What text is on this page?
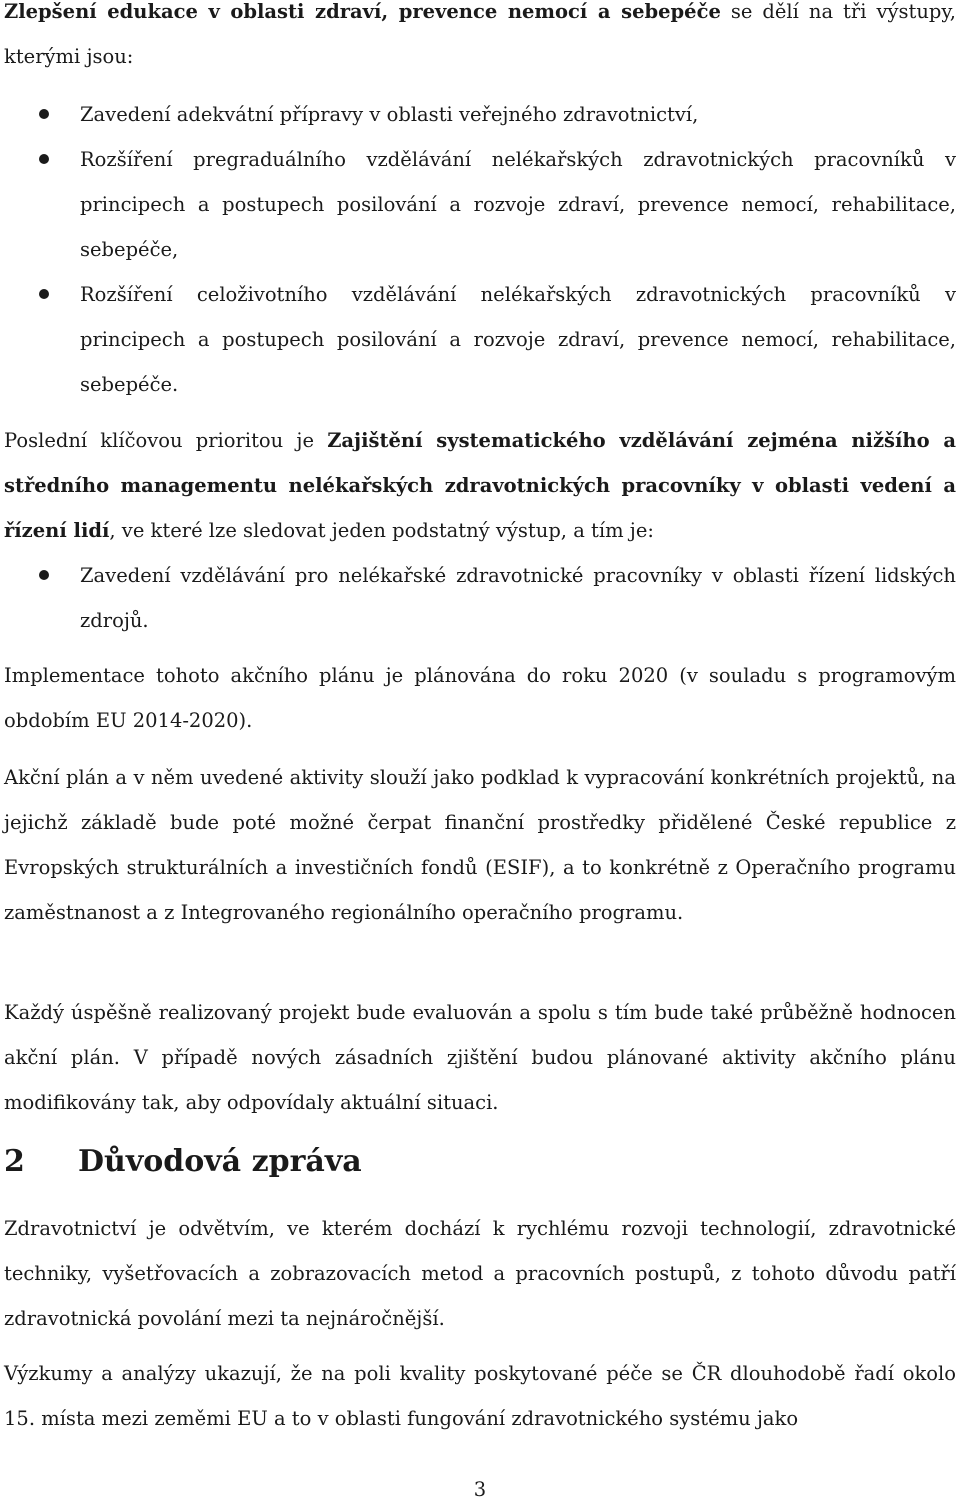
Zlepšení edukace v oblasti zdraví, prevence nemocí a sebepéče se dělí na tři výstupy, kterými jsou:

Zavedení adekvátní přípravy v oblasti veřejného zdravotnictví,
Rozšíření pregraduálního vzdělávání nelékařských zdravotnických pracovníků v principech a postupech posilování a rozvoje zdraví, prevence nemocí, rehabilitace, sebepéče,
Rozšíření celoživotního vzdělávání nelékařských zdravotnických pracovníků v principech a postupech posilování a rozvoje zdraví, prevence nemocí, rehabilitace, sebepéče.

Poslední klíčovou prioritou je Zajištění systematického vzdělávání zejména nižšího a středního managementu nelékařských zdravotnických pracovníky v oblasti vedení a řízení lidí, ve které lze sledovat jeden podstatný výstup, a tím je:

Zavedení vzdělávání pro nelékařské zdravotnické pracovníky v oblasti řízení lidských zdrojů.

Implementace tohoto akčního plánu je plánována do roku 2020 (v souladu s programovým obdobím EU 2014-2020).

Akční plán a v něm uvedené aktivity slouží jako podklad k vypracování konkrétních projektů, na jejichž základě bude poté možné čerpat finanční prostředky přidělené České republice z Evropských strukturálních a investičních fondů (ESIF), a to konkrétně z Operačního programu zaměstnanost a z Integrovaného regionálního operačního programu.

Každý úspěšně realizovaný projekt bude evaluován a spolu s tím bude také průběžně hodnocen akční plán. V případě nových zásadních zjištění budou plánované aktivity akčního plánu modifikovány tak, aby odpovídaly aktuální situaci.

2 Důvodová zpráva

Zdravotnictví je odvětvím, ve kterém dochází k rychlému rozvoji technologií, zdravotnické techniky, vyšetřovacích a zobrazovacích metod a pracovních postupů, z tohoto důvodu patří zdravotnická povolání mezi ta nejnáročnější.

Výzkumy a analýzy ukazují, že na poli kvality poskytované péče se ČR dlouhodobě řadí okolo 15. místa mezi zeměmi EU a to v oblasti fungování zdravotnického systému jako

3
